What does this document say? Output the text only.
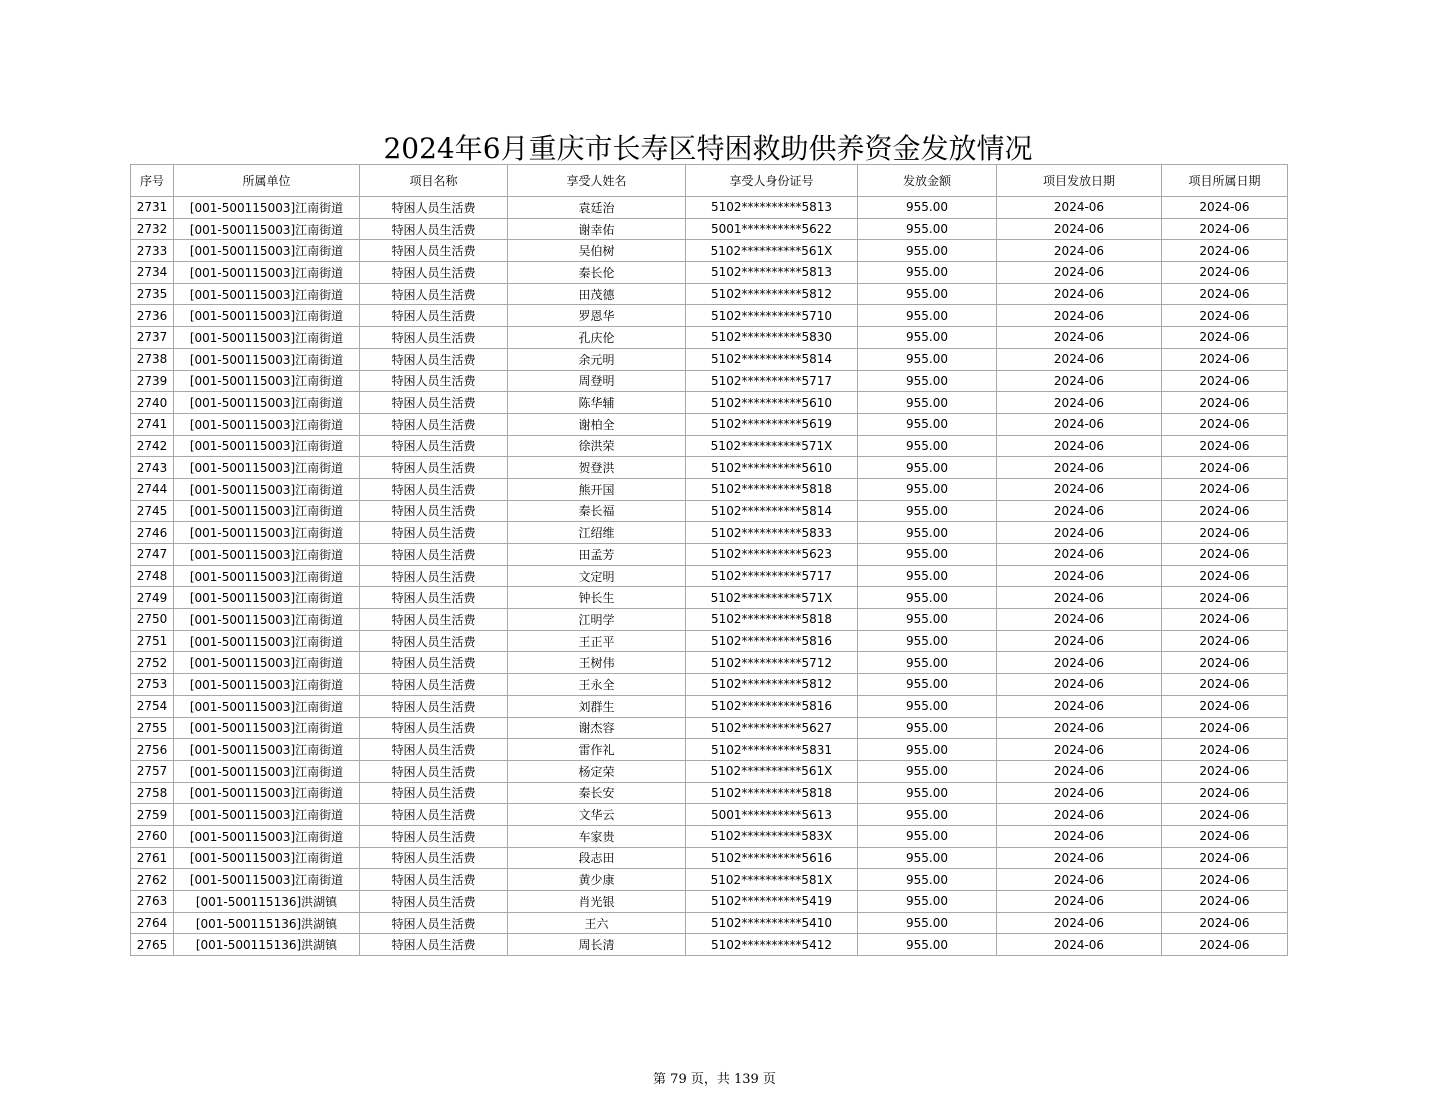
2024年6月重庆市长寿区特困救助供养资金发放情况
序号	所属单位	项目名称	享受人姓名	享受人身份证号	发放金额	项目发放日期	项目所属日期
2731	[001-500115003]江南街道	特困人员生活费	袁廷治	5102**********5813	955.00	2024-06	2024-06
2732	[001-500115003]江南街道	特困人员生活费	谢幸佑	5001**********5622	955.00	2024-06	2024-06
2733	[001-500115003]江南街道	特困人员生活费	吴伯树	5102**********561X	955.00	2024-06	2024-06
2734	[001-500115003]江南街道	特困人员生活费	秦长伦	5102**********5813	955.00	2024-06	2024-06
2735	[001-500115003]江南街道	特困人员生活费	田茂德	5102**********5812	955.00	2024-06	2024-06
2736	[001-500115003]江南街道	特困人员生活费	罗恩华	5102**********5710	955.00	2024-06	2024-06
2737	[001-500115003]江南街道	特困人员生活费	孔庆伦	5102**********5830	955.00	2024-06	2024-06
2738	[001-500115003]江南街道	特困人员生活费	余元明	5102**********5814	955.00	2024-06	2024-06
2739	[001-500115003]江南街道	特困人员生活费	周登明	5102**********5717	955.00	2024-06	2024-06
2740	[001-500115003]江南街道	特困人员生活费	陈华辅	5102**********5610	955.00	2024-06	2024-06
2741	[001-500115003]江南街道	特困人员生活费	谢柏全	5102**********5619	955.00	2024-06	2024-06
2742	[001-500115003]江南街道	特困人员生活费	徐洪荣	5102**********571X	955.00	2024-06	2024-06
2743	[001-500115003]江南街道	特困人员生活费	贺登洪	5102**********5610	955.00	2024-06	2024-06
2744	[001-500115003]江南街道	特困人员生活费	熊开国	5102**********5818	955.00	2024-06	2024-06
2745	[001-500115003]江南街道	特困人员生活费	秦长福	5102**********5814	955.00	2024-06	2024-06
2746	[001-500115003]江南街道	特困人员生活费	江绍维	5102**********5833	955.00	2024-06	2024-06
2747	[001-500115003]江南街道	特困人员生活费	田孟芳	5102**********5623	955.00	2024-06	2024-06
2748	[001-500115003]江南街道	特困人员生活费	文定明	5102**********5717	955.00	2024-06	2024-06
2749	[001-500115003]江南街道	特困人员生活费	钟长生	5102**********571X	955.00	2024-06	2024-06
2750	[001-500115003]江南街道	特困人员生活费	江明学	5102**********5818	955.00	2024-06	2024-06
2751	[001-500115003]江南街道	特困人员生活费	王正平	5102**********5816	955.00	2024-06	2024-06
2752	[001-500115003]江南街道	特困人员生活费	王树伟	5102**********5712	955.00	2024-06	2024-06
2753	[001-500115003]江南街道	特困人员生活费	王永全	5102**********5812	955.00	2024-06	2024-06
2754	[001-500115003]江南街道	特困人员生活费	刘群生	5102**********5816	955.00	2024-06	2024-06
2755	[001-500115003]江南街道	特困人员生活费	谢杰容	5102**********5627	955.00	2024-06	2024-06
2756	[001-500115003]江南街道	特困人员生活费	雷作礼	5102**********5831	955.00	2024-06	2024-06
2757	[001-500115003]江南街道	特困人员生活费	杨定荣	5102**********561X	955.00	2024-06	2024-06
2758	[001-500115003]江南街道	特困人员生活费	秦长安	5102**********5818	955.00	2024-06	2024-06
2759	[001-500115003]江南街道	特困人员生活费	文华云	5001**********5613	955.00	2024-06	2024-06
2760	[001-500115003]江南街道	特困人员生活费	车家贵	5102**********583X	955.00	2024-06	2024-06
2761	[001-500115003]江南街道	特困人员生活费	段志田	5102**********5616	955.00	2024-06	2024-06
2762	[001-500115003]江南街道	特困人员生活费	黄少康	5102**********581X	955.00	2024-06	2024-06
2763	[001-500115136]洪湖镇	特困人员生活费	肖光银	5102**********5419	955.00	2024-06	2024-06
2764	[001-500115136]洪湖镇	特困人员生活费	王六	5102**********5410	955.00	2024-06	2024-06
2765	[001-500115136]洪湖镇	特困人员生活费	周长清	5102**********5412	955.00	2024-06	2024-06
第 79 页，共 139 页
